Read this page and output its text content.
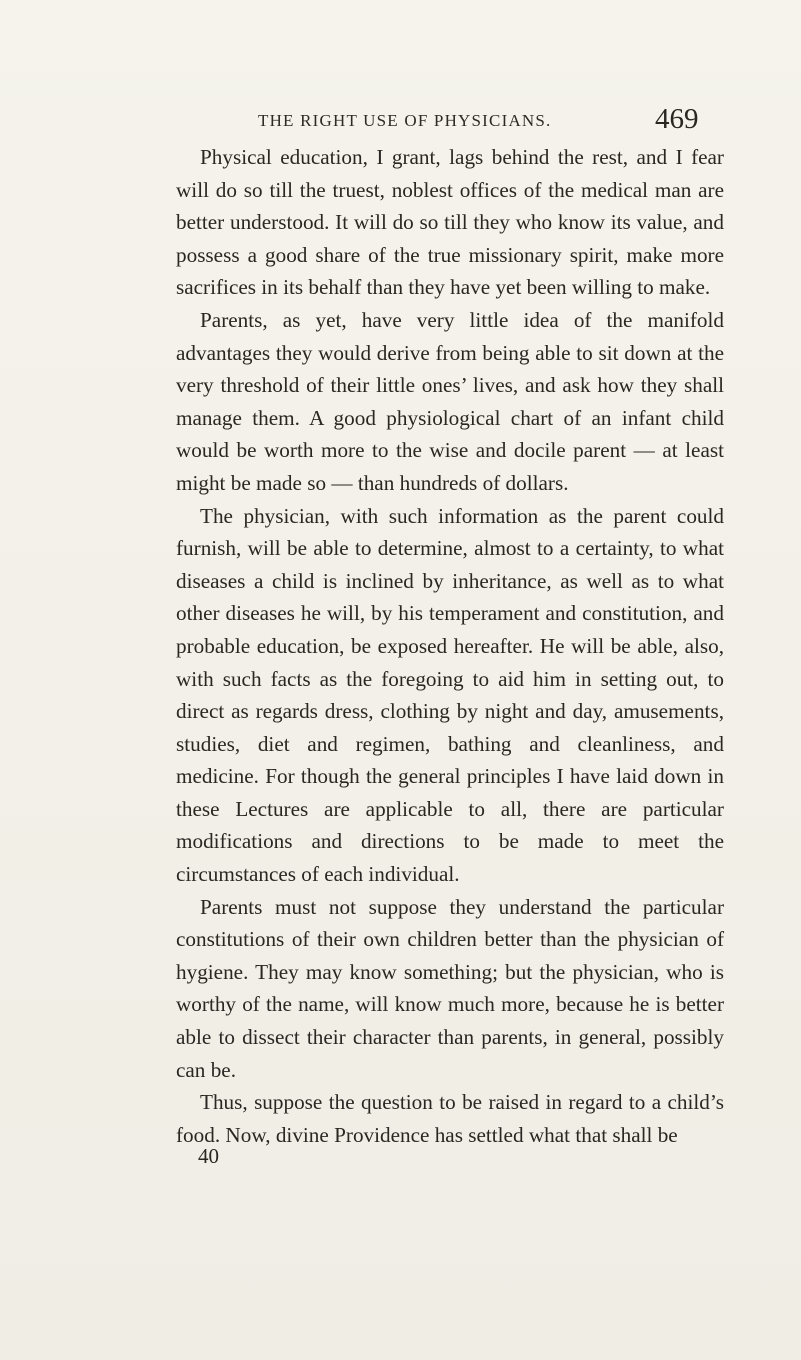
THE RIGHT USE OF PHYSICIANS.	469

Physical education, I grant, lags behind the rest, and I fear will do so till the truest, noblest offices of the medical man are better understood. It will do so till they who know its value, and possess a good share of the true missionary spirit, make more sacrifices in its behalf than they have yet been willing to make.

Parents, as yet, have very little idea of the manifold advantages they would derive from being able to sit down at the very threshold of their little ones’ lives, and ask how they shall manage them. A good physiological chart of an infant child would be worth more to the wise and docile parent — at least might be made so — than hundreds of dollars.

The physician, with such information as the parent could furnish, will be able to determine, almost to a certainty, to what diseases a child is inclined by inheritance, as well as to what other diseases he will, by his temperament and constitution, and probable education, be exposed hereafter. He will be able, also, with such facts as the foregoing to aid him in setting out, to direct as regards dress, clothing by night and day, amusements, studies, diet and regimen, bathing and cleanliness, and medicine. For though the general principles I have laid down in these Lectures are applicable to all, there are particular modifications and directions to be made to meet the circumstances of each individual.

Parents must not suppose they understand the particular constitutions of their own children better than the physician of hygiene. They may know something; but the physician, who is worthy of the name, will know much more, because he is better able to dissect their character than parents, in general, possibly can be.

Thus, suppose the question to be raised in regard to a child’s food. Now, divine Providence has settled what that shall be

40
